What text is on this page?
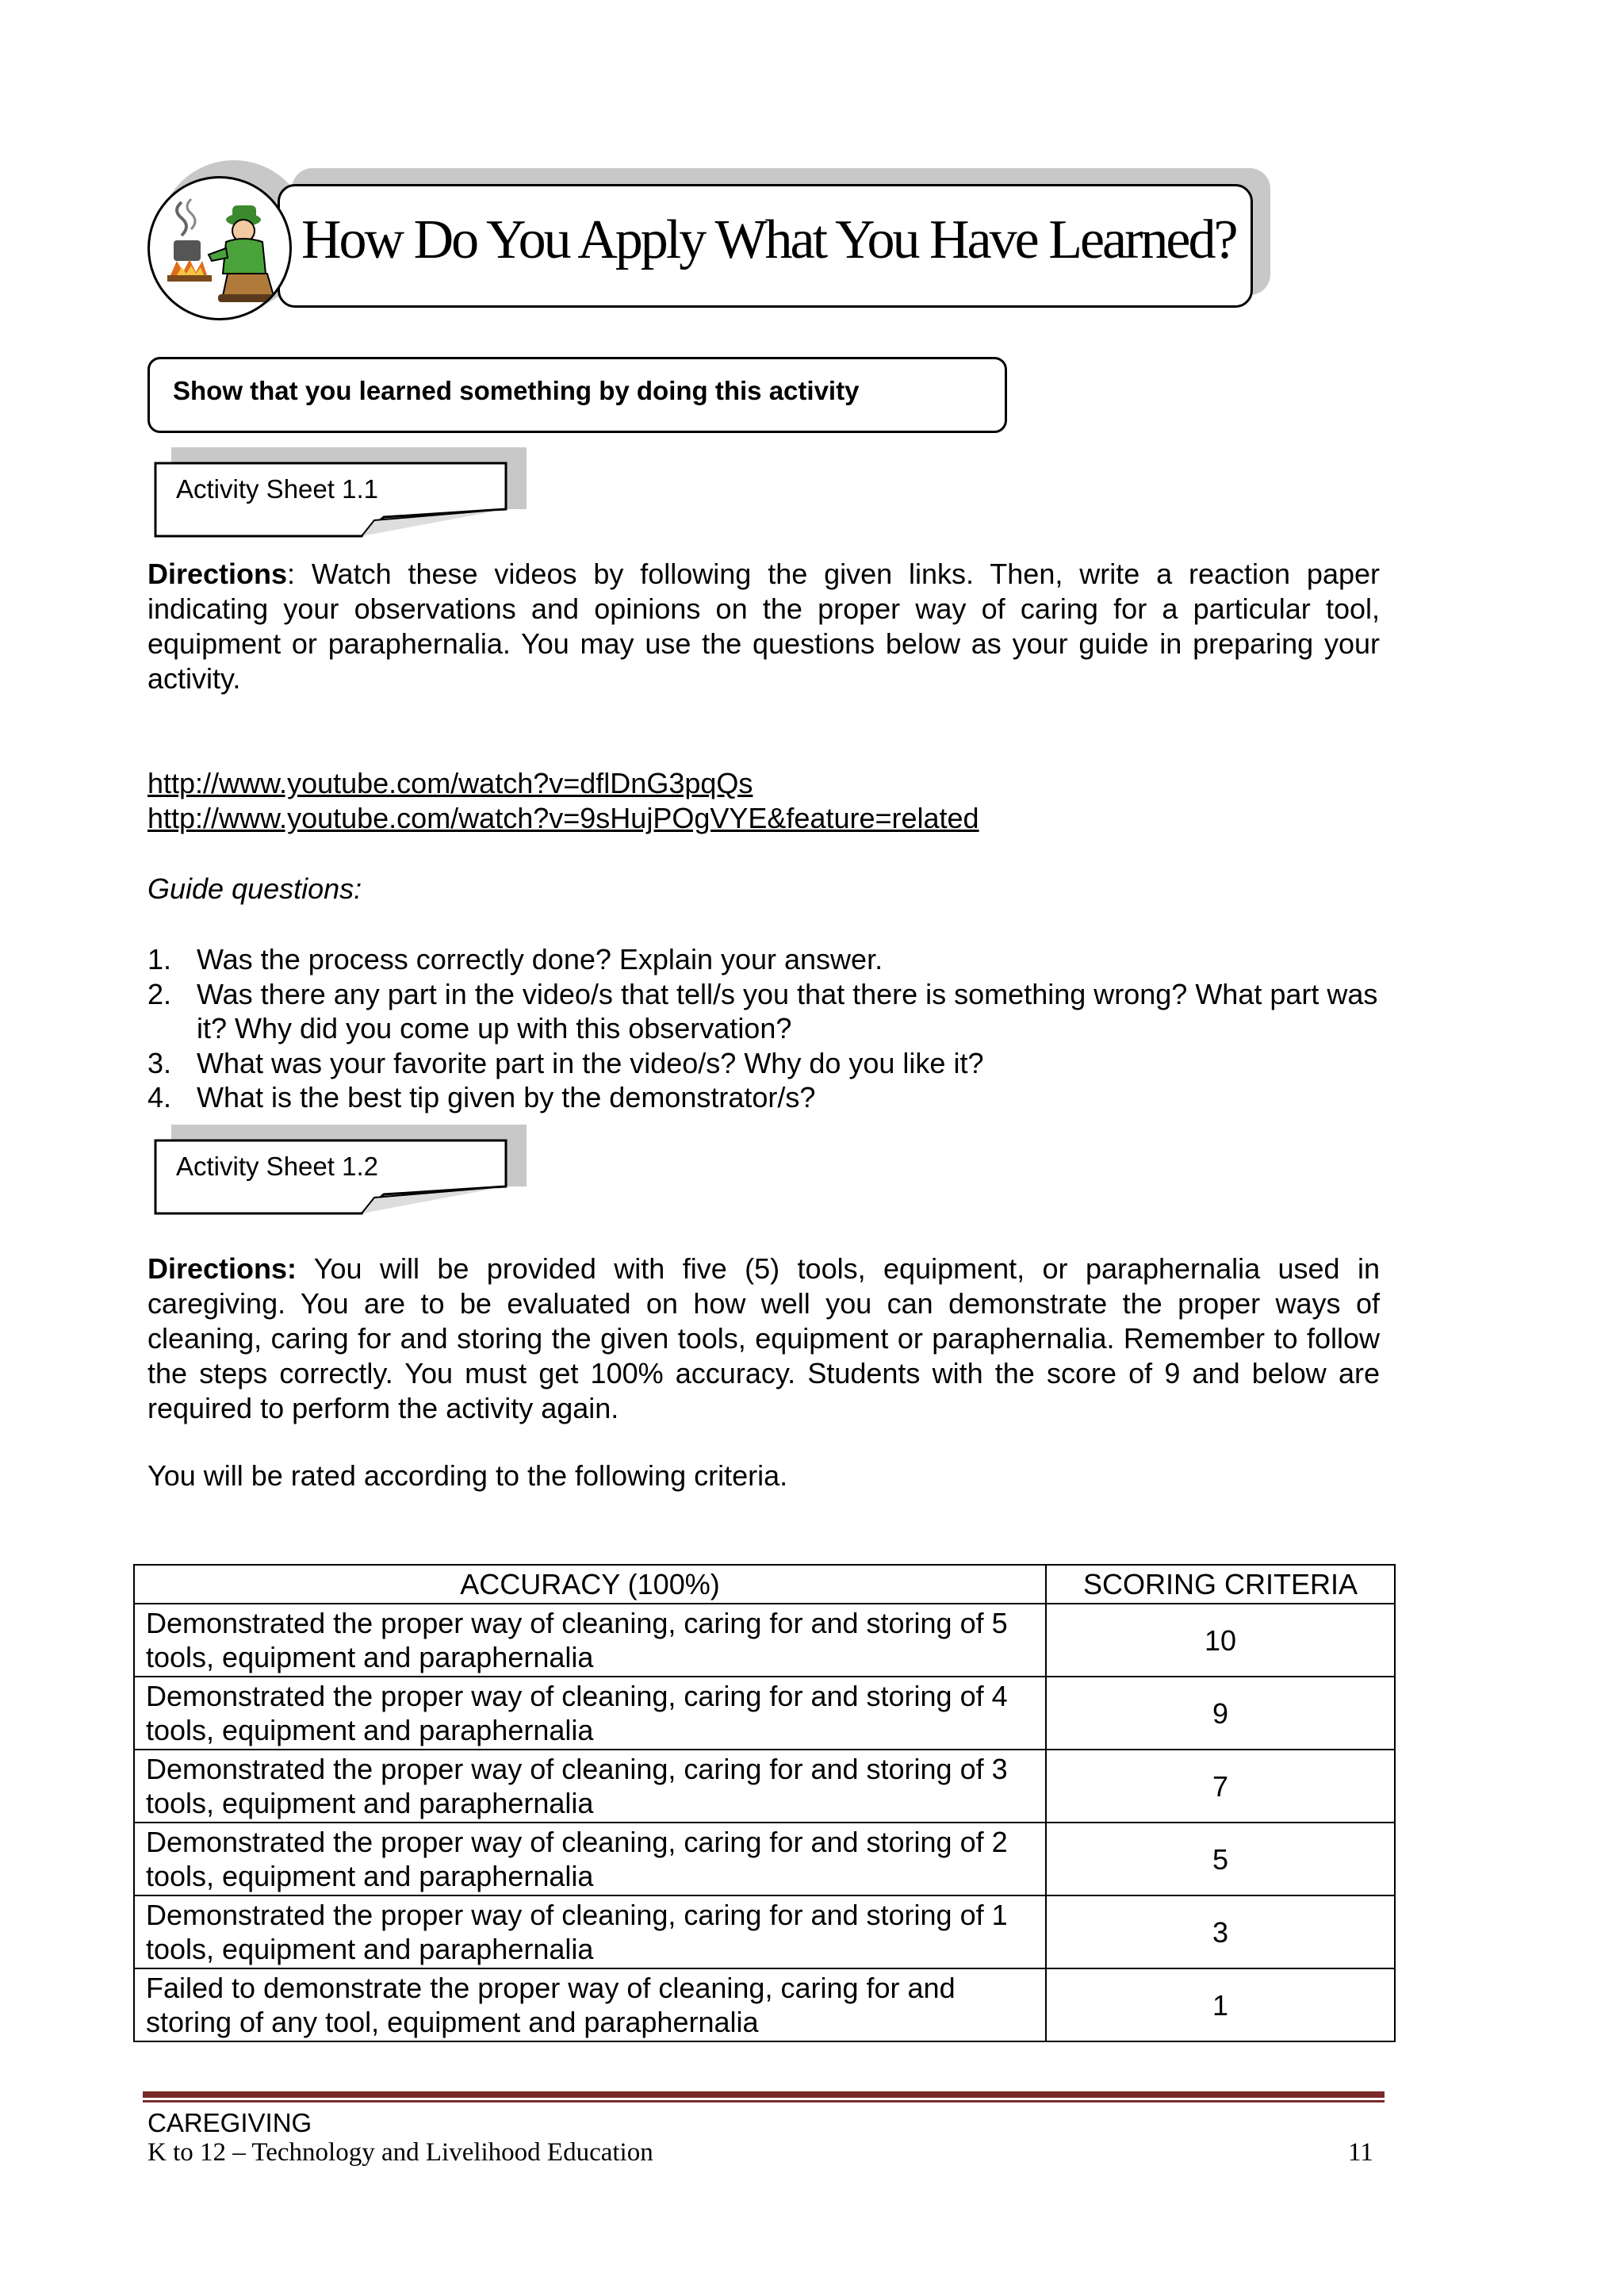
How Do You Apply What You Have Learned?
Show that you learned something by doing this activity
Activity Sheet 1.1

Directions: Watch these videos by following the given links. Then, write a reaction paper indicating your observations and opinions on the proper way of caring for a particular tool, equipment or paraphernalia. You may use the questions below as your guide in preparing your activity.

http://www.youtube.com/watch?v=dflDnG3pqQs
http://www.youtube.com/watch?v=9sHujPOgVYE&feature=related
Guide questions:
1. Was the process correctly done? Explain your answer.
2. Was there any part in the video/s that tell/s you that there is something wrong? What part was it? Why did you come up with this observation?
3. What was your favorite part in the video/s? Why do you like it?
4. What is the best tip given by the demonstrator/s?
Activity Sheet 1.2

Directions: You will be provided with five (5) tools, equipment, or paraphernalia used in caregiving. You are to be evaluated on how well you can demonstrate the proper ways of cleaning, caring for and storing the given tools, equipment or paraphernalia. Remember to follow the steps correctly. You must get 100% accuracy. Students with the score of 9 and below are required to perform the activity again.

You will be rated according to the following criteria.
ACCURACY (100%)	SCORING CRITERIA
Demonstrated the proper way of cleaning, caring for and storing of 5 tools, equipment and paraphernalia	10
Demonstrated the proper way of cleaning, caring for and storing of 4 tools, equipment and paraphernalia	9
Demonstrated the proper way of cleaning, caring for and storing of 3 tools, equipment and paraphernalia	7
Demonstrated the proper way of cleaning, caring for and storing of 2 tools, equipment and paraphernalia	5
Demonstrated the proper way of cleaning, caring for and storing of 1 tools, equipment and paraphernalia	3
Failed to demonstrate the proper way of cleaning, caring for and storing of any tool, equipment and paraphernalia	1
CAREGIVING
K to 12 – Technology and Livelihood Education	11
